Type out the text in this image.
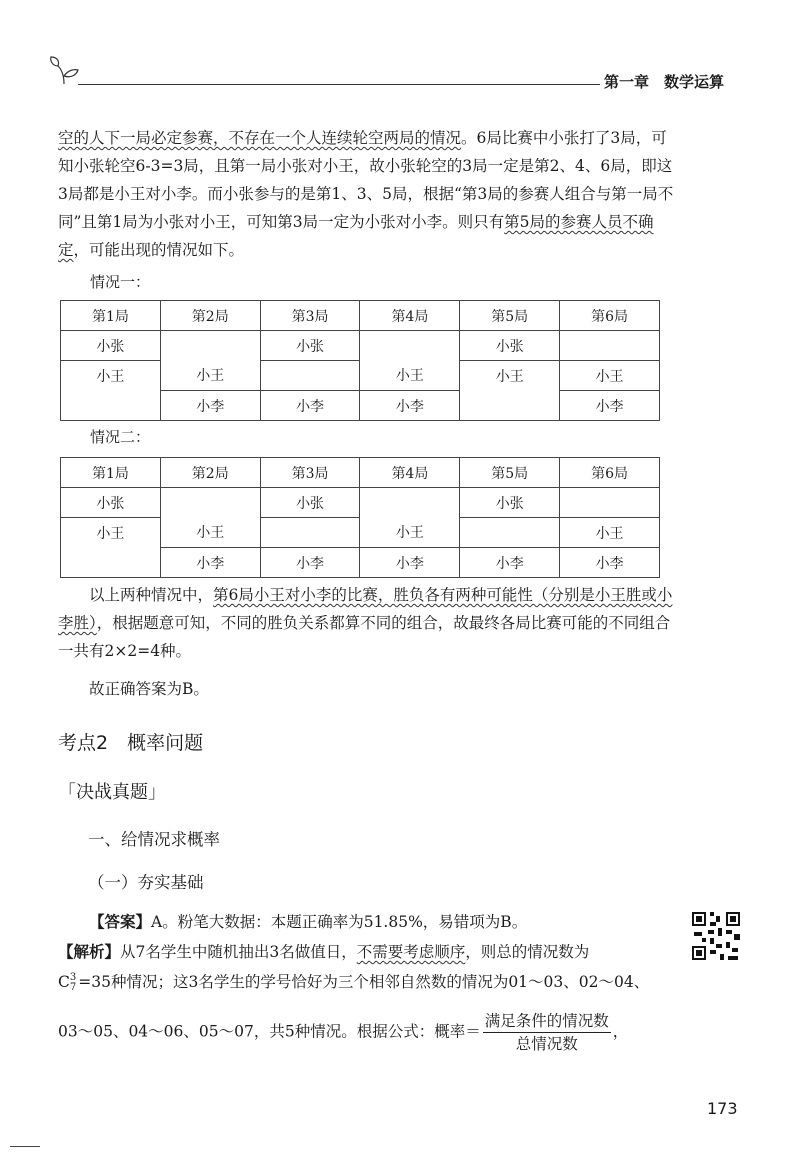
第一章　 数学运算

空的人下一局必定参赛，不存在一个人连续轮空两局的情况。6局比赛中小张打了3局，可知小张轮空6-3=3局，且第一局小张对小王，故小张轮空的3局一定是第2、4、6局，即这3局都是小王对小李。而小张参与的是第1、3、5局，根据“第3局的参赛人组合与第一局不同”且第1局为小张对小王，可知第3局一定为小张对小李。则只有第5局的参赛人员不确定，可能出现的情况如下。

情况一：
第1局	第2局	第3局	第4局	第5局	第6局
小张		小张		小张	
小王	小王		小王	小王	小王
	小李	小李	小李		小李
情况二：
第1局	第2局	第3局	第4局	第5局	第6局
小张		小张		小张	
小王	小王		小王		小王
	小李	小李	小李	小李	小李

以上两种情况中，第6局小王对小李的比赛，胜负各有两种可能性（分别是小王胜或小李胜），根据题意可知，不同的胜负关系都算不同的组合，故最终各局比赛可能的不同组合一共有2×2=4种。

故正确答案为B。

考点2　概率问题
「决战真题」
一、给情况求概率
（一）夯实基础

【答案】A。粉笔大数据：本题正确率为51.85%，易错项为B。

【解析】从7名学生中随机抽出3名做值日，不需要考虑顺序，则总的情况数为

C 3
7 =35种情况；这3名学生的学号恰好为三个相邻自然数的情况为01～03、02～04、

03～05、04～06、05～07，共5种情况。根据公式：概率＝ $\frac{\text{满足条件的情况数}}{\text{总情况数}}$ ，

173
